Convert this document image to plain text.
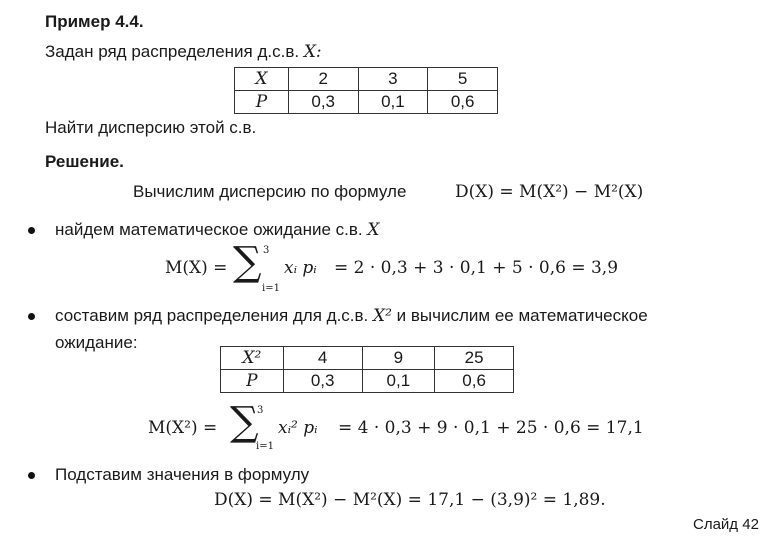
Пример 4.4.
Задан ряд распределения д.с.в. X:
X	2	3	5
P	0,3	0,1	0,6
Найти дисперсию этой с.в.
Решение.
Вычислим дисперсию по формуле	D(X) = M(X²) − M²(X)
найдем математическое ожидание с.в. X
M(X) = ∑ 3
i=1
xᵢ pᵢ = 2 · 0,3 + 3 · 0,1 + 5 · 0,6 = 3,9
составим ряд распределения для д.с.в. X² и вычислим ее математическое
ожидание:
X²	4	9	25
P	0,3	0,1	0,6
M(X²) = ∑
3
i=1
xᵢ² pᵢ = 4 · 0,3 + 9 · 0,1 + 25 · 0,6 = 17,1
Подставим значения в формулу
D(X) = M(X²) − M²(X) = 17,1 − (3,9)² = 1,89.
Слайд 42
